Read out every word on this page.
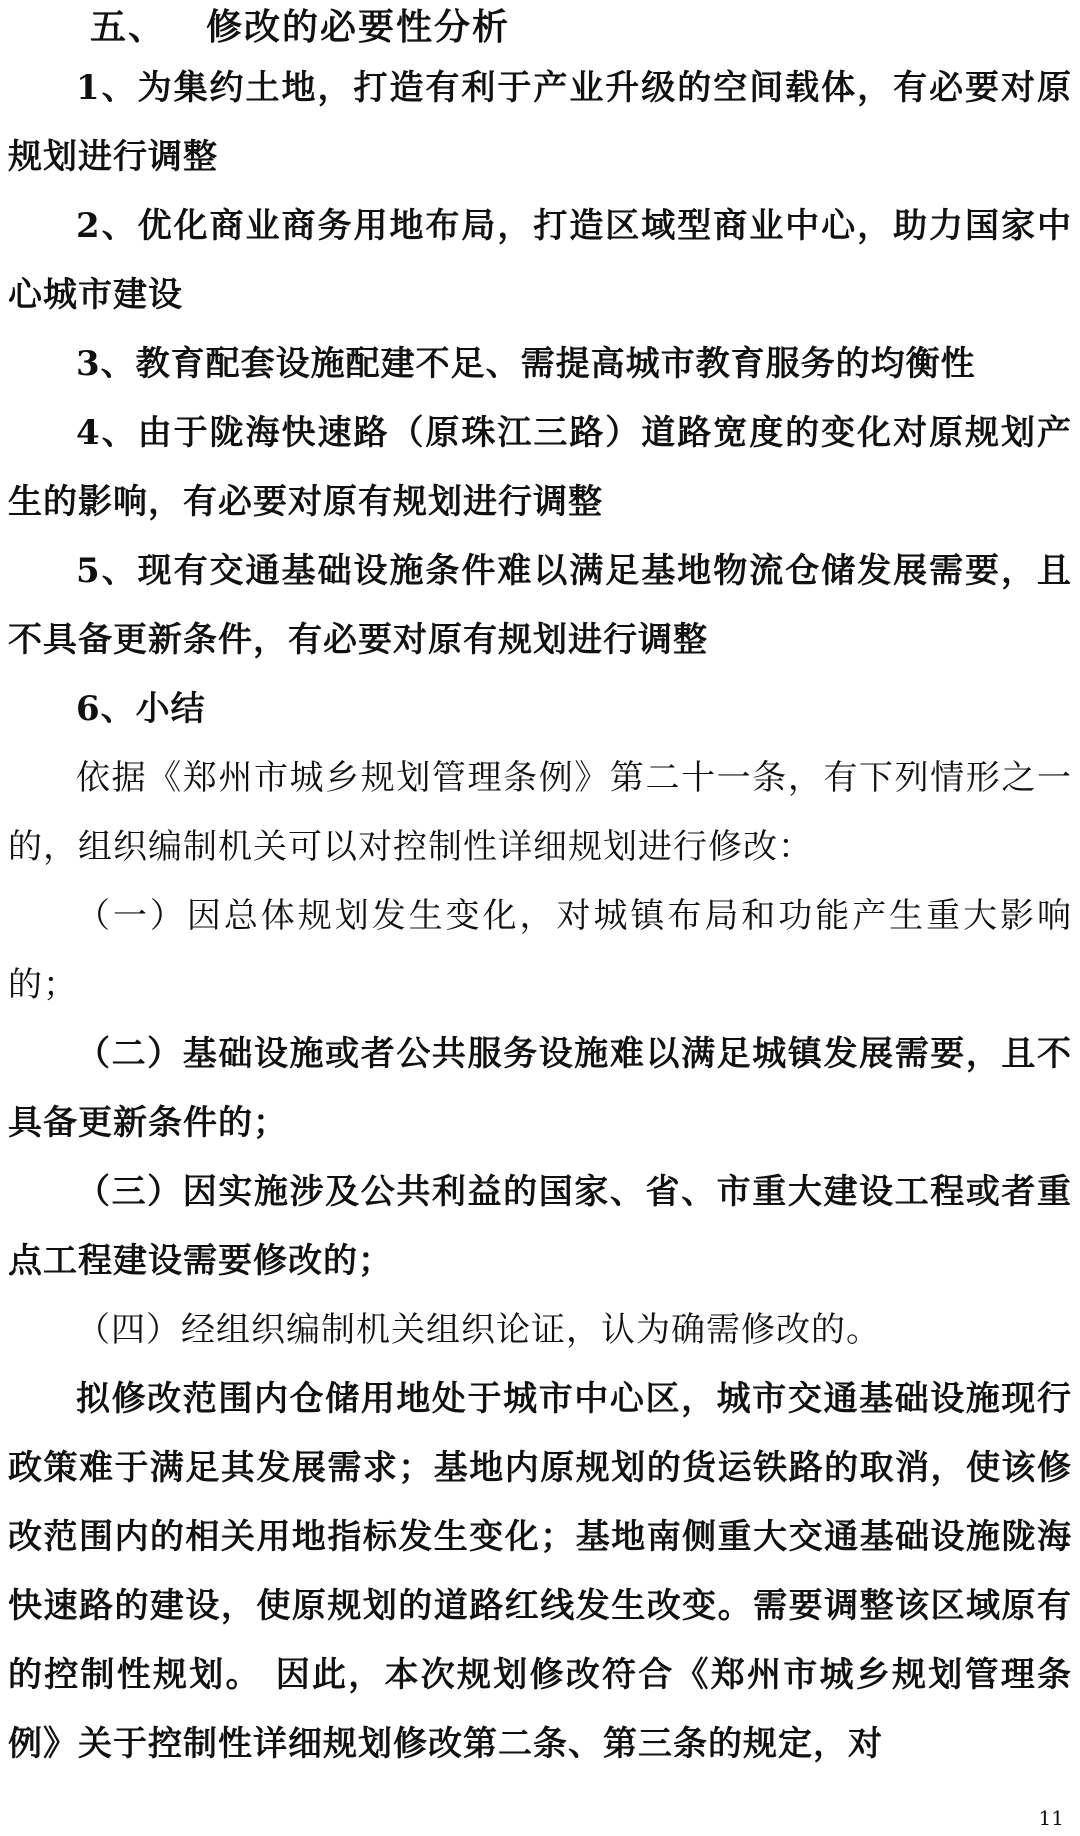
五、 修改的必要性分析

1、为集约土地，打造有利于产业升级的空间载体，有必要对原规划进行调整

2、优化商业商务用地布局，打造区域型商业中心，助力国家中心城市建设

3、教育配套设施配建不足、需提高城市教育服务的均衡性

4、由于陇海快速路（原珠江三路）道路宽度的变化对原规划产生的影响，有必要对原有规划进行调整

5、现有交通基础设施条件难以满足基地物流仓储发展需要，且不具备更新条件，有必要对原有规划进行调整

6、小结

依据《郑州市城乡规划管理条例》第二十一条，有下列情形之一的，组织编制机关可以对控制性详细规划进行修改：

（一）因总体规划发生变化，对城镇布局和功能产生重大影响的；

（二）基础设施或者公共服务设施难以满足城镇发展需要，且不具备更新条件的；

（三）因实施涉及公共利益的国家、省、市重大建设工程或者重点工程建设需要修改的；

（四）经组织编制机关组织论证，认为确需修改的。

拟修改范围内仓储用地处于城市中心区，城市交通基础设施现行政策难于满足其发展需求；基地内原规划的货运铁路的取消，使该修改范围内的相关用地指标发生变化；基地南侧重大交通基础设施陇海快速路的建设，使原规划的道路红线发生改变。需要调整该区域原有的控制性规划。 因此，本次规划修改符合《郑州市城乡规划管理条例》关于控制性详细规划修改第二条、第三条的规定，对

11
